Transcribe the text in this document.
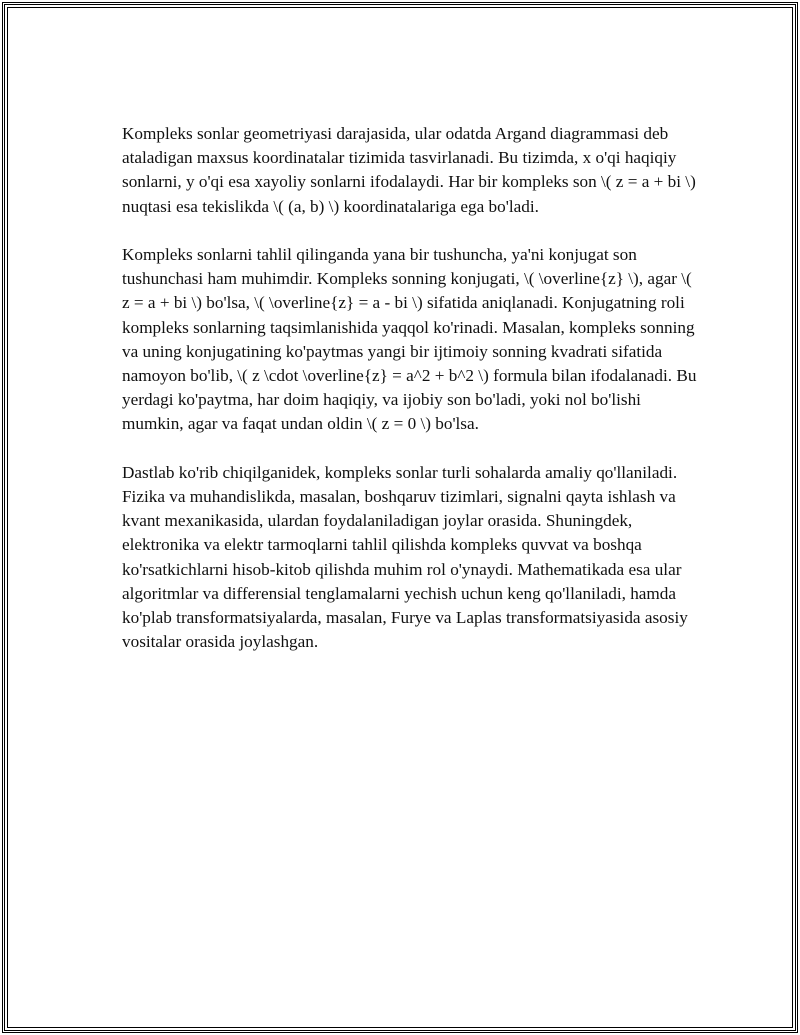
Kompleks sonlar geometriyasi darajasida, ular odatda Argand diagrammasi deb ataladigan maxsus koordinatalar tizimida tasvirlanadi. Bu tizimda, x o'qi haqiqiy sonlarni, y o'qi esa xayoliy sonlarni ifodalaydi. Har bir kompleks son \( z = a + bi \) nuqtasi esa tekislikda \( (a, b) \) koordinatalariga ega bo'ladi.

Kompleks sonlarni tahlil qilinganda yana bir tushuncha, ya'ni konjugat son tushunchasi ham muhimdir. Kompleks sonning konjugati, \( \overline{z} \), agar \( z = a + bi \) bo'lsa, \( \overline{z} = a - bi \) sifatida aniqlanadi. Konjugatning roli kompleks sonlarning taqsimlanishida yaqqol ko'rinadi. Masalan, kompleks sonning va uning konjugatining ko'paytmas yangi bir ijtimoiy sonning kvadrati sifatida namoyon bo'lib, \( z \cdot \overline{z} = a^2 + b^2 \) formula bilan ifodalanadi. Bu yerdagi ko'paytma, har doim haqiqiy, va ijobiy son bo'ladi, yoki nol bo'lishi mumkin, agar va faqat undan oldin \( z = 0 \) bo'lsa.

Dastlab ko'rib chiqilganidek, kompleks sonlar turli sohalarda amaliy qo'llaniladi. Fizika va muhandislikda, masalan, boshqaruv tizimlari, signalni qayta ishlash va kvant mexanikasida, ulardan foydalaniladigan joylar orasida. Shuningdek, elektronika va elektr tarmoqlarni tahlil qilishda kompleks quvvat va boshqa ko'rsatkichlarni hisob-kitob qilishda muhim rol o'ynaydi. Mathematikada esa ular algoritmlar va differensial tenglamalarni yechish uchun keng qo'llaniladi, hamda ko'plab transformatsiyalarda, masalan, Furye va Laplas transformatsiyasida asosiy vositalar orasida joylashgan.
